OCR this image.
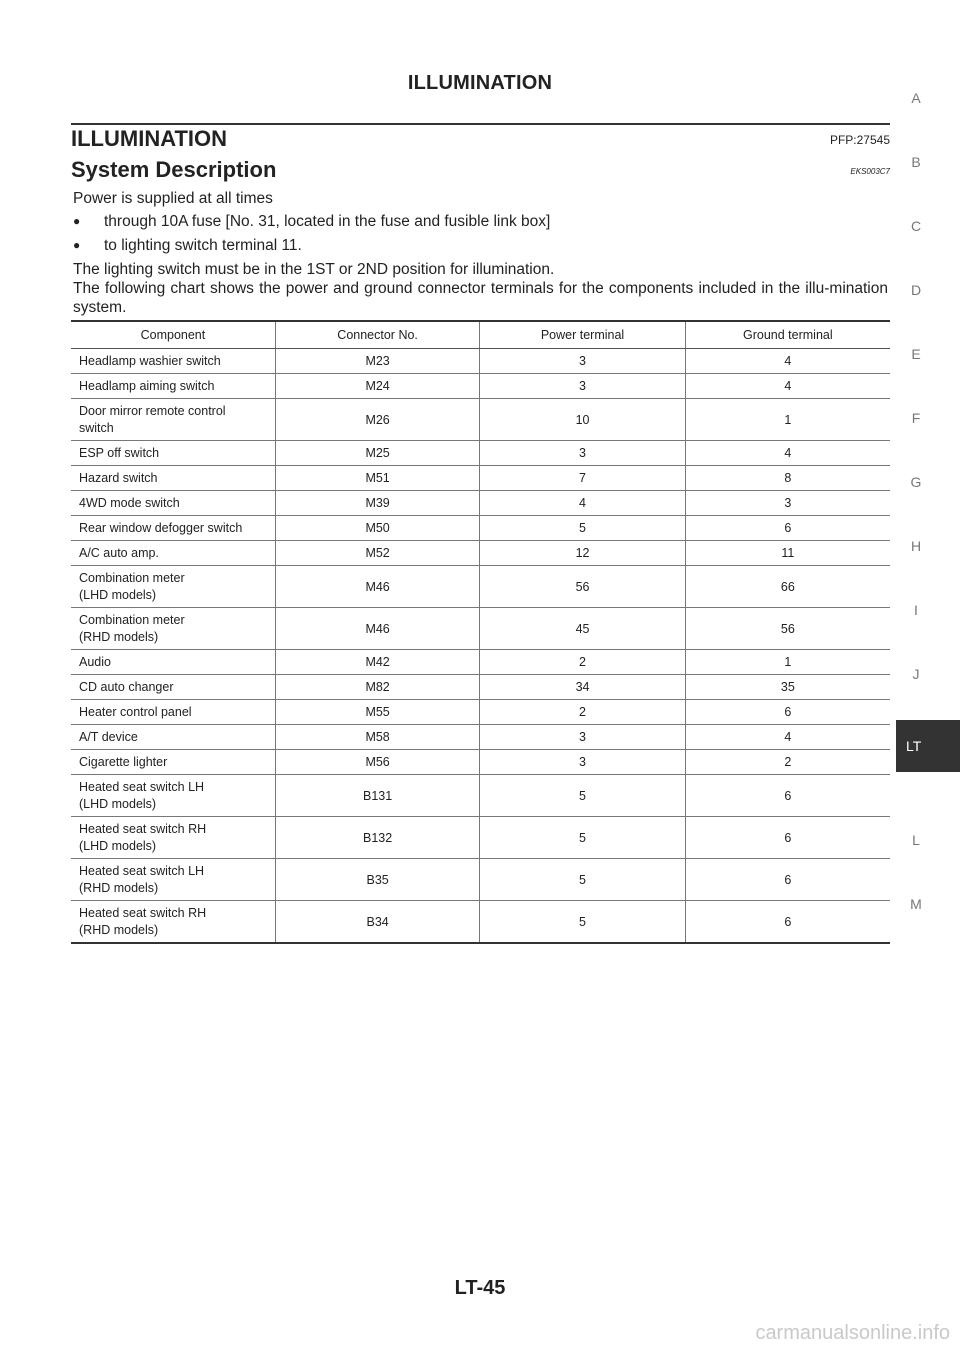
ILLUMINATION
ILLUMINATION	PFP:27545
System Description	EKS003C7
Power is supplied at all times
● through 10A fuse [No. 31, located in the fuse and fusible link box]
● to lighting switch terminal 11.
The lighting switch must be in the 1ST or 2ND position for illumination.
The following chart shows the power and ground connector terminals for the components included in the illu-mination system.
Component	Connector No.	Power terminal	Ground terminal
Headlamp washier switch	M23	3	4
Headlamp aiming switch	M24	3	4
Door mirror remote control
switch	M26	10	1
ESP off switch	M25	3	4
Hazard switch	M51	7	8
4WD mode switch	M39	4	3
Rear window defogger switch	M50	5	6
A/C auto amp.	M52	12	11
Combination meter
(LHD models)	M46	56	66
Combination meter
(RHD models)	M46	45	56
Audio	M42	2	1
CD auto changer	M82	34	35
Heater control panel	M55	2	6
A/T device	M58	3	4
Cigarette lighter	M56	3	2
Heated seat switch LH
(LHD models)	B131	5	6
Heated seat switch RH
(LHD models)	B132	5	6
Heated seat switch LH
(RHD models)	B35	5	6
Heated seat switch RH
(RHD models)	B34	5	6
A
B
C
D
E
F
G
H
I
J
LT
L
M
LT-45
carmanualsonline.info
